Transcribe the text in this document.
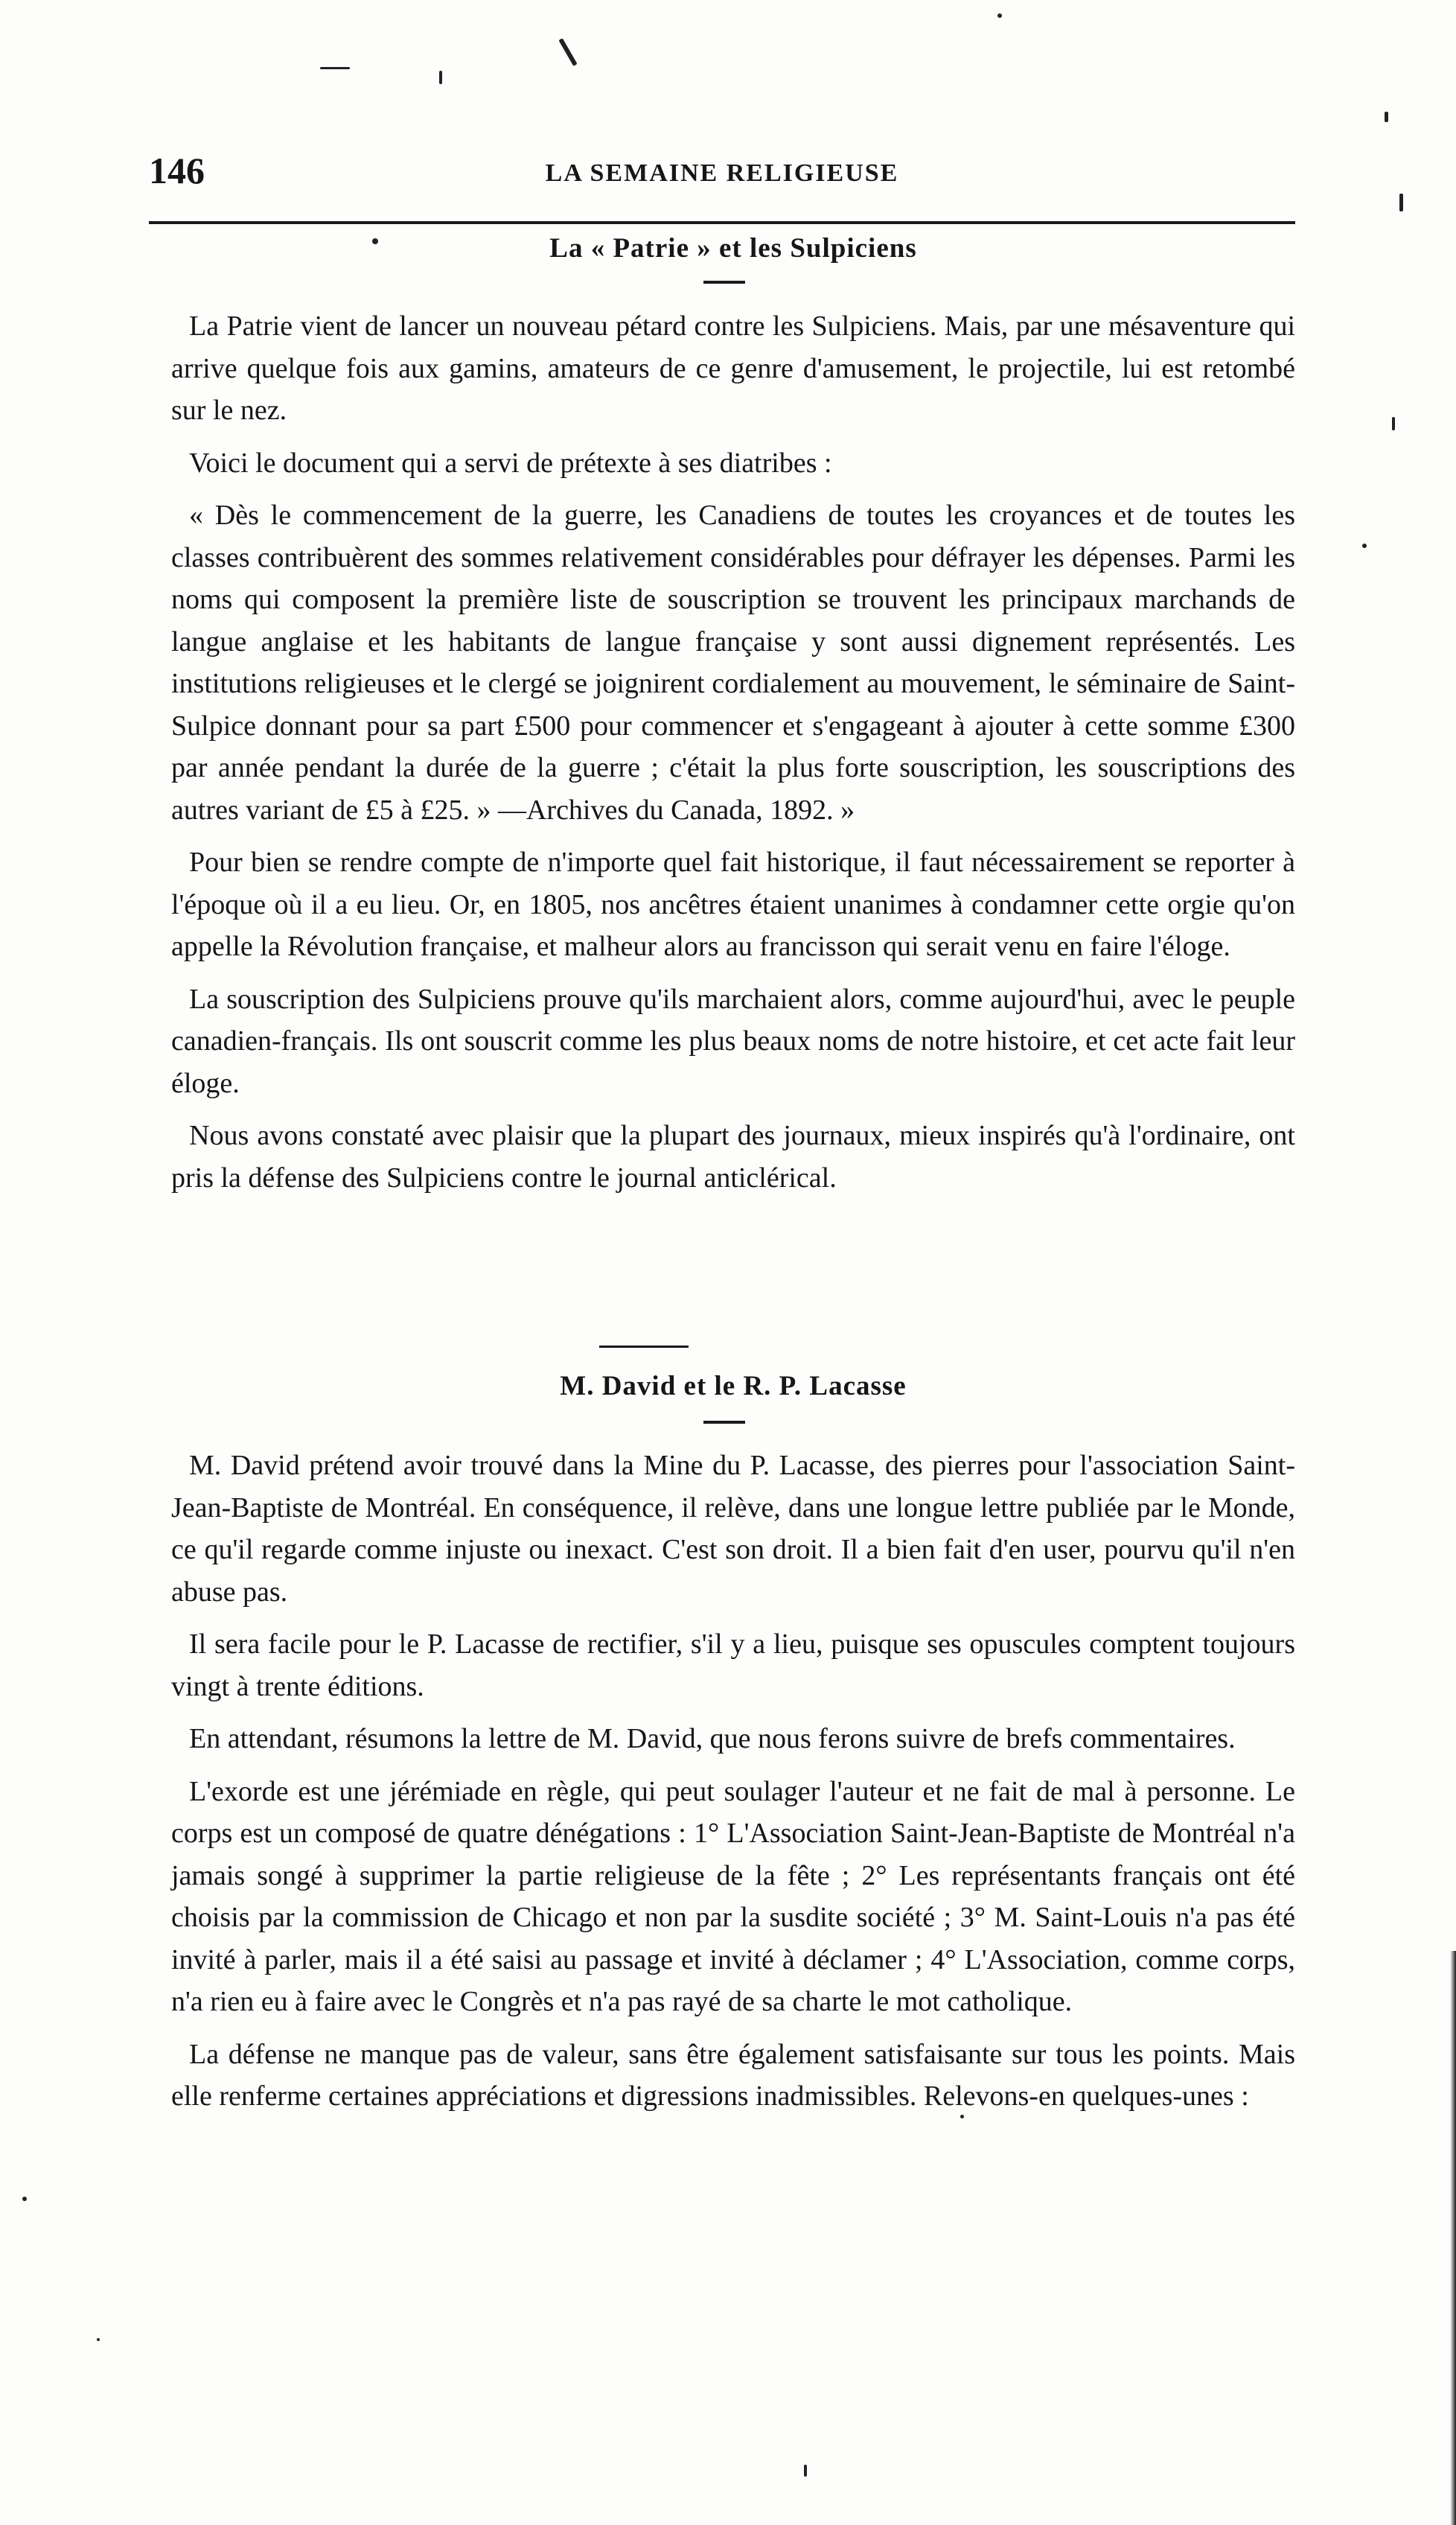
146	LA SEMAINE RELIGIEUSE
La « Patrie » et les Sulpiciens

La Patrie vient de lancer un nouveau pétard contre les Sulpiciens. Mais, par une mésaventure qui arrive quelque fois aux gamins, amateurs de ce genre d'amusement, le projectile, lui est retombé sur le nez.

Voici le document qui a servi de prétexte à ses diatribes :

« Dès le commencement de la guerre, les Canadiens de toutes les croyances et de toutes les classes contribuèrent des sommes relativement considérables pour défrayer les dépenses. Parmi les noms qui composent la première liste de souscription se trouvent les principaux marchands de langue anglaise et les habitants de langue française y sont aussi dignement représentés. Les institutions religieuses et le clergé se joignirent cordialement au mouvement, le séminaire de Saint-Sulpice donnant pour sa part £500 pour commencer et s'engageant à ajouter à cette somme £300 par année pendant la durée de la guerre ; c'était la plus forte souscription, les souscriptions des autres variant de £5 à £25. » —Archives du Canada, 1892. »

Pour bien se rendre compte de n'importe quel fait historique, il faut nécessairement se reporter à l'époque où il a eu lieu. Or, en 1805, nos ancêtres étaient unanimes à condamner cette orgie qu'on appelle la Révolution française, et malheur alors au francisson qui serait venu en faire l'éloge.

La souscription des Sulpiciens prouve qu'ils marchaient alors, comme aujourd'hui, avec le peuple canadien-français. Ils ont souscrit comme les plus beaux noms de notre histoire, et cet acte fait leur éloge.

Nous avons constaté avec plaisir que la plupart des journaux, mieux inspirés qu'à l'ordinaire, ont pris la défense des Sulpiciens contre le journal anticlérical.

M. David et le R. P. Lacasse

M. David prétend avoir trouvé dans la Mine du P. Lacasse, des pierres pour l'association Saint-Jean-Baptiste de Montréal. En conséquence, il relève, dans une longue lettre publiée par le Monde, ce qu'il regarde comme injuste ou inexact. C'est son droit. Il a bien fait d'en user, pourvu qu'il n'en abuse pas.

Il sera facile pour le P. Lacasse de rectifier, s'il y a lieu, puisque ses opuscules comptent toujours vingt à trente éditions.

En attendant, résumons la lettre de M. David, que nous ferons suivre de brefs commentaires.

L'exorde est une jérémiade en règle, qui peut soulager l'auteur et ne fait de mal à personne. Le corps est un composé de quatre dénégations : 1° L'Association Saint-Jean-Baptiste de Montréal n'a jamais songé à supprimer la partie religieuse de la fête ; 2° Les représentants français ont été choisis par la commission de Chicago et non par la susdite société ; 3° M. Saint-Louis n'a pas été invité à parler, mais il a été saisi au passage et invité à déclamer ; 4° L'Association, comme corps, n'a rien eu à faire avec le Congrès et n'a pas rayé de sa charte le mot catholique.

La défense ne manque pas de valeur, sans être également satisfaisante sur tous les points. Mais elle renferme certaines appréciations et digressions inadmissibles. Relevons-en quelques-unes :
